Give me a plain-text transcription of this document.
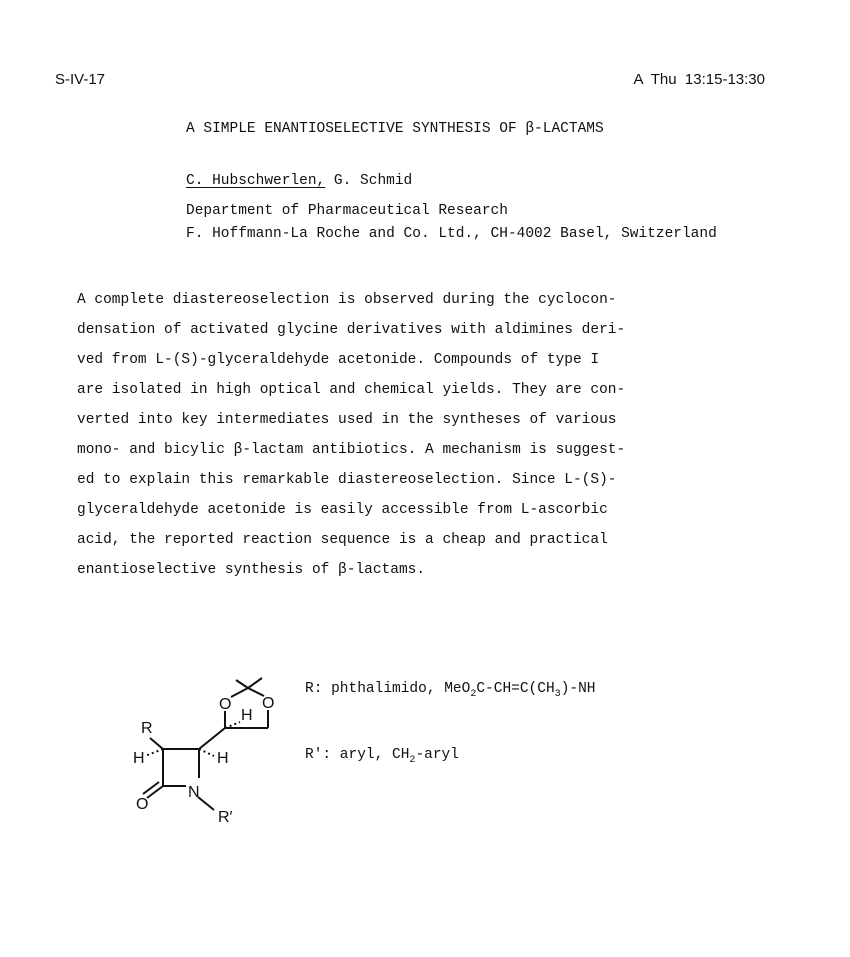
S-IV-17	A  Thu  13:15-13:30
A SIMPLE ENANTIOSELECTIVE SYNTHESIS OF β-LACTAMS
C. Hubschwerlen, G. Schmid
Department of Pharmaceutical Research
F. Hoffmann-La Roche and Co. Ltd., CH-4002 Basel, Switzerland

A complete diastereoselection is observed during the cyclocon-

densation of activated glycine derivatives with aldimines deri-

ved from L-(S)-glyceraldehyde acetonide. Compounds of type I

are isolated in high optical and chemical yields. They are con-

verted into key intermediates used in the syntheses of various

mono- and bicylic β-lactam antibiotics. A mechanism is suggest-

ed to explain this remarkable diastereoselection. Since L-(S)-

glyceraldehyde acetonide is easily accessible from L-ascorbic

acid, the reported reaction sequence is a cheap and practical

enantioselective synthesis of β-lactams.

R
H	H
O
N
R′
O O
H
R: phthalimido, $MeO_2C-CH=C(CH_3)-NH$
R': aryl, $CH_2$-aryl
